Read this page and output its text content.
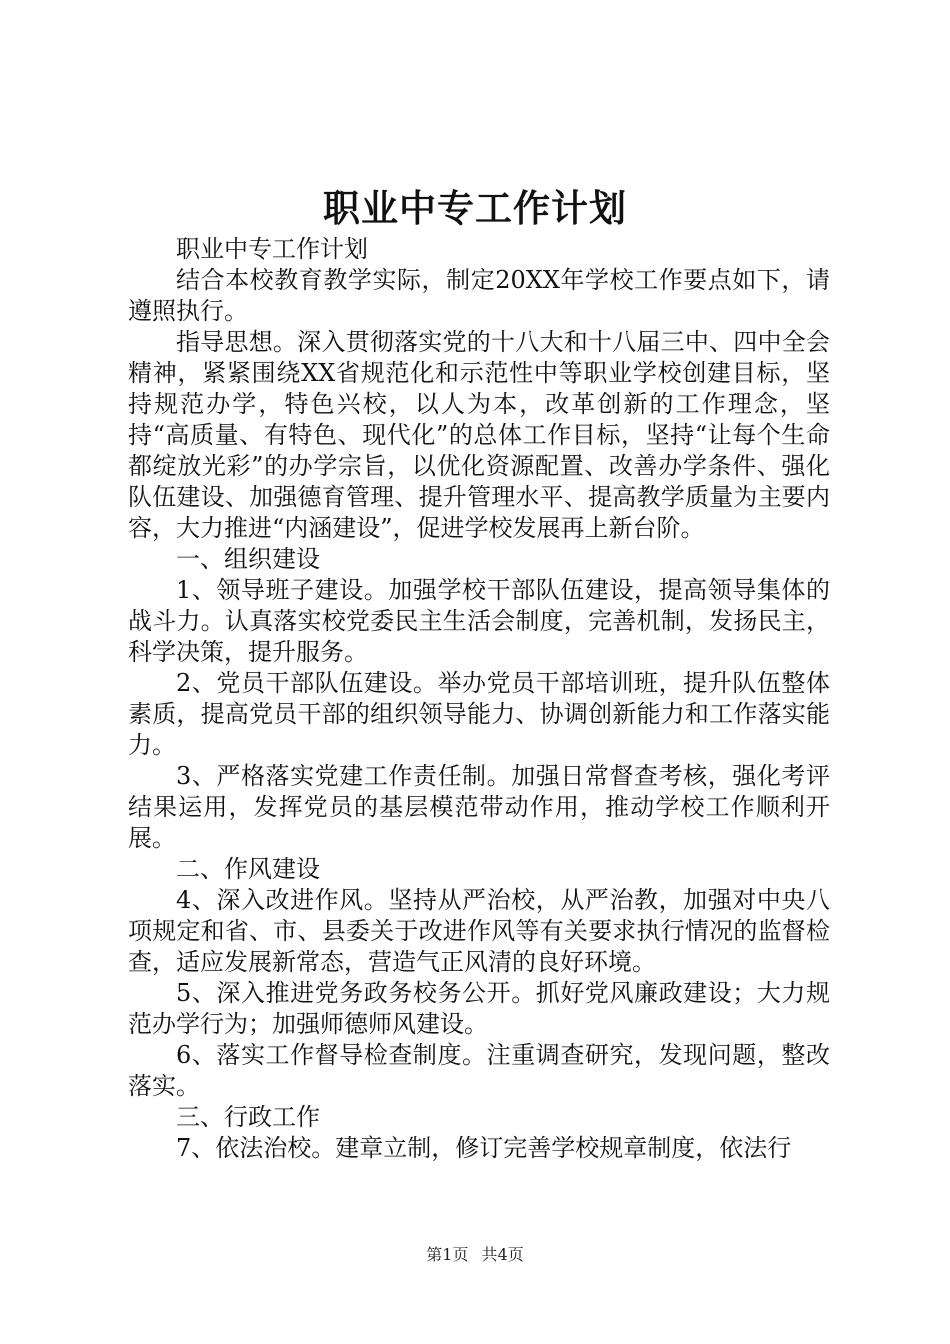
职业中专工作计划

职业中专工作计划

结合本校教育教学实际，制定20XX年学校工作要点如下，请遵照执行。

指导思想。深入贯彻落实党的十八大和十八届三中、四中全会精神，紧紧围绕XX省规范化和示范性中等职业学校创建目标，坚持规范办学，特色兴校，以人为本，改革创新的工作理念，坚持“高质量、有特色、现代化”的总体工作目标，坚持“让每个生命都绽放光彩”的办学宗旨，以优化资源配置、改善办学条件、强化队伍建设、加强德育管理、提升管理水平、提高教学质量为主要内容，大力推进“内涵建设”，促进学校发展再上新台阶。

一、组织建设

1、领导班子建设。加强学校干部队伍建设，提高领导集体的战斗力。认真落实校党委民主生活会制度，完善机制，发扬民主，科学决策，提升服务。

2、党员干部队伍建设。举办党员干部培训班，提升队伍整体素质，提高党员干部的组织领导能力、协调创新能力和工作落实能力。

3、严格落实党建工作责任制。加强日常督查考核，强化考评结果运用，发挥党员的基层模范带动作用，推动学校工作顺利开展。

二、作风建设

4、深入改进作风。坚持从严治校，从严治教，加强对中央八项规定和省、市、县委关于改进作风等有关要求执行情况的监督检查，适应发展新常态，营造气正风清的良好环境。

5、深入推进党务政务校务公开。抓好党风廉政建设；大力规范办学行为；加强师德师风建设。

6、落实工作督导检查制度。注重调查研究，发现问题，整改落实。

三、行政工作

7、依法治校。建章立制，修订完善学校规章制度，依法行

第1页 共4页
